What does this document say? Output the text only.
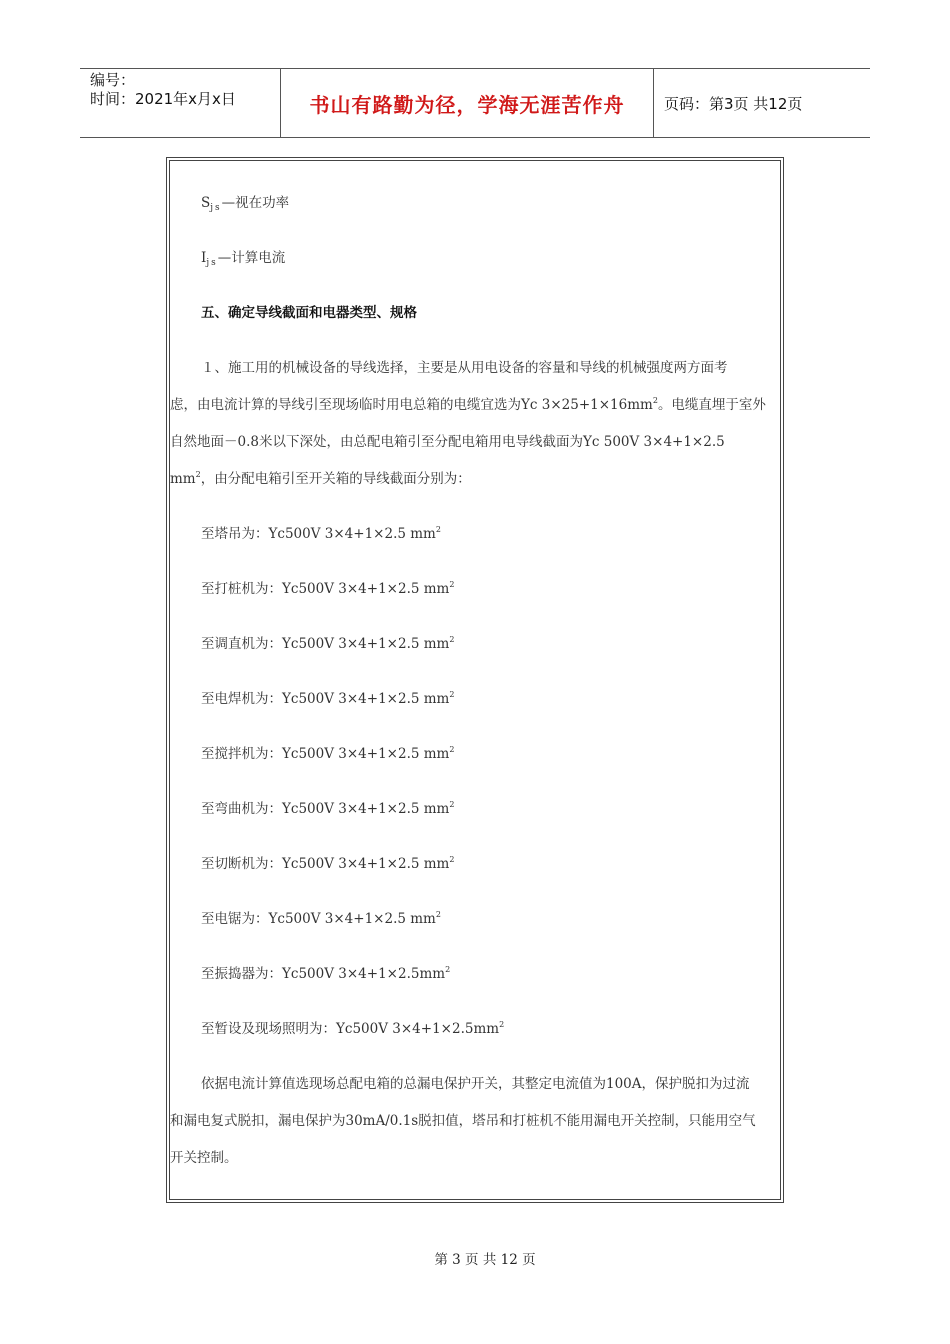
编号：
时间：2021年x月x日	书山有路勤为径，学海无涯苦作舟	页码：第3页 共12页
$S_{js}—$视在功率
$I_{js}—$计算电流
五、确定导线截面和电器类型、规格
１、施工用的机械设备的导线选择，主要是从用电设备的容量和导线的机械强度两方面考
虑，由电流计算的导线引至现场临时用电总箱的电缆宜选为Yc $3\times 25+1\times 16mm^2$。电缆直埋于室外
自然地面－0.8米以下深处，由总配电箱引至分配电箱用电导线截面为Yc 500V 3×4+1×2.5
$mm^2$，由分配电箱引至开关箱的导线截面分别为：
至塔吊为：Yc500V 3×4+1×2.5 $mm^2$
至打桩机为：Yc500V 3×4+1×2.5 $mm^2$
至调直机为：Yc500V 3×4+1×2.5 $mm^2$
至电焊机为：Yc500V 3×4+1×2.5 $mm^2$
至搅拌机为：Yc500V 3×4+1×2.5 $mm^2$
至弯曲机为：Yc500V 3×4+1×2.5 $mm^2$
至切断机为：Yc500V 3×4+1×2.5 $mm^2$
至电锯为：Yc500V 3×4+1×2.5 $mm^2$
至振捣器为：Yc500V $3\times 4+1\times 2.5mm^2$
至暂设及现场照明为：Yc500V $3\times 4+1\times 2.5mm^2$
依据电流计算值选现场总配电箱的总漏电保护开关，其整定电流值为100A，保护脱扣为过流
和漏电复式脱扣，漏电保护为30mA/0.1s脱扣值，塔吊和打桩机不能用漏电开关控制，只能用空气
开关控制。
第 3 页 共 12 页
